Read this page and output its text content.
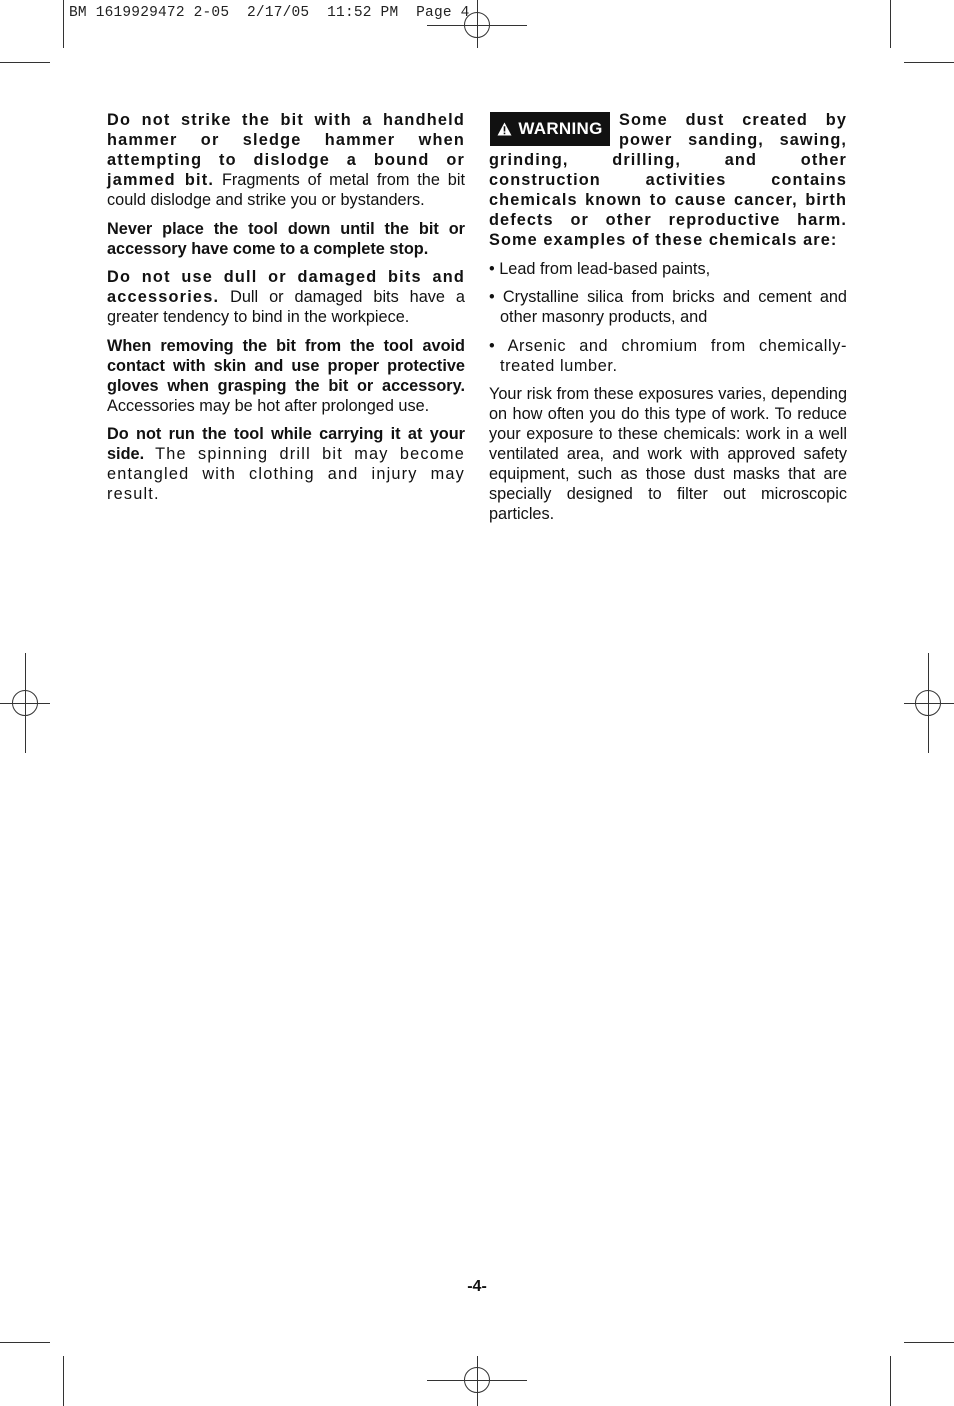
BM 1619929472 2-05  2/17/05  11:52 PM  Page 4

Do not strike the bit with a handheld hammer or sledge hammer when attempting to dislodge a bound or jammed bit. Fragments of metal from the bit could dislodge and strike you or bystanders.

Never place the tool down until the bit or accessory have come to a complete stop.

Do not use dull or damaged bits and accessories. Dull or damaged bits have a greater tendency to bind in the workpiece.

When removing the bit from the tool avoid contact with skin and use proper protective gloves when grasping the bit or accessory. Accessories may be hot after prolonged use.

Do not run the tool while carrying it at your side. The spinning drill bit may become entangled with clothing and injury may result.

WARNING	Some dust created by power sanding, sawing, grinding, drilling, and other construction activities contains chemicals known to cause cancer, birth defects or other reproductive harm. Some examples of these chemicals are:

• Lead from lead-based paints,
• Crystalline silica from bricks and cement and other masonry products, and
• Arsenic and chromium from chemically-treated lumber.

Your risk from these exposures varies, depending on how often you do this type of work. To reduce your exposure to these chemicals: work in a well ventilated area, and work with approved safety equipment, such as those dust masks that are specially designed to filter out microscopic particles.

-4-
